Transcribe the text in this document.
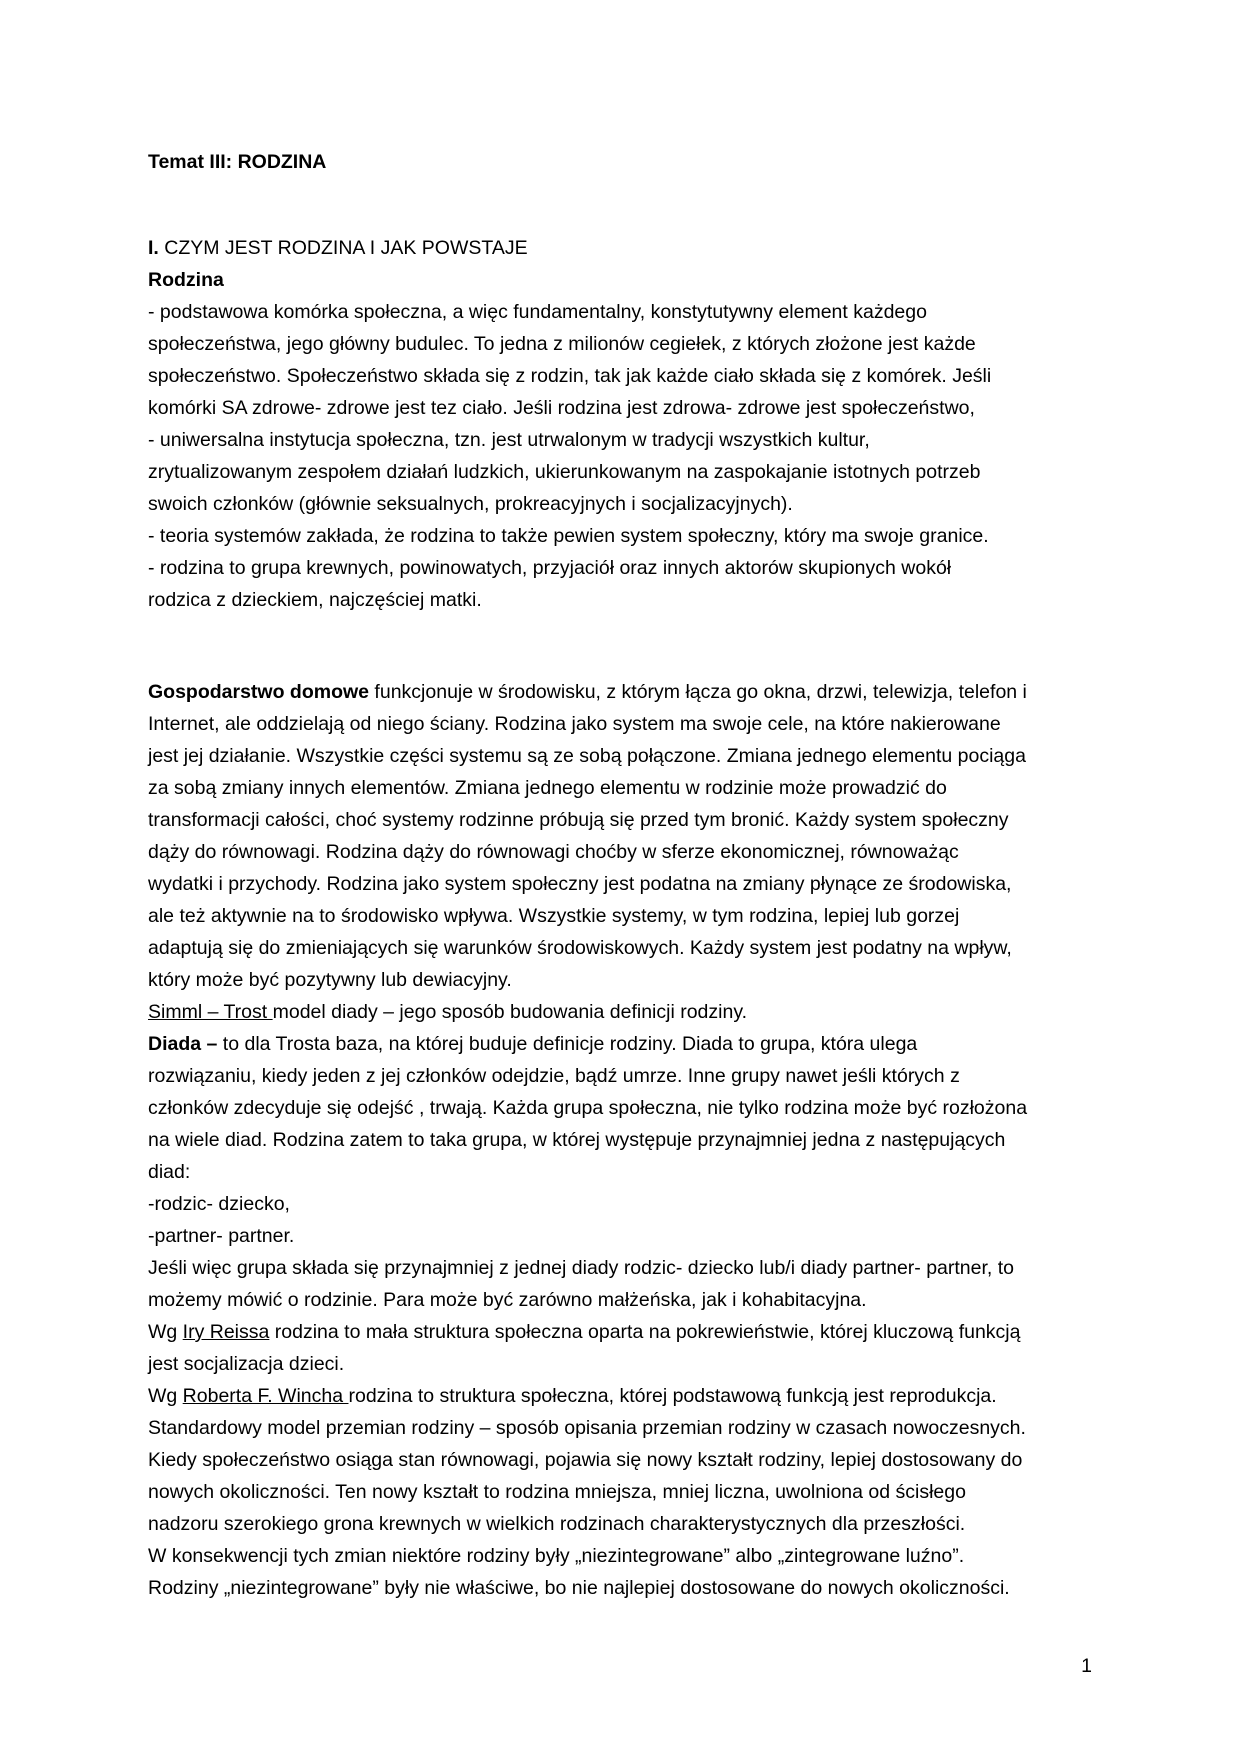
Temat III: RODZINA

I. CZYM JEST RODZINA I JAK POWSTAJE

Rodzina

- podstawowa komórka społeczna, a więc fundamentalny, konstytutywny element każdego

społeczeństwa, jego główny budulec. To jedna z milionów cegiełek, z których złożone jest każde

społeczeństwo. Społeczeństwo składa się z rodzin, tak jak każde ciało składa się z komórek. Jeśli

komórki SA zdrowe- zdrowe jest tez ciało. Jeśli rodzina jest zdrowa- zdrowe jest społeczeństwo,

- uniwersalna instytucja społeczna, tzn. jest utrwalonym w tradycji wszystkich kultur,

zrytualizowanym zespołem działań ludzkich, ukierunkowanym na zaspokajanie istotnych potrzeb

swoich członków (głównie seksualnych, prokreacyjnych i socjalizacyjnych).

- teoria systemów zakłada, że rodzina to także pewien system społeczny, który ma swoje granice.

- rodzina to grupa krewnych, powinowatych, przyjaciół oraz innych aktorów skupionych wokół

rodzica z dzieckiem, najczęściej matki.

Gospodarstwo domowe funkcjonuje w środowisku, z którym łącza go okna, drzwi, telewizja, telefon i

Internet, ale oddzielają od niego ściany. Rodzina jako system ma swoje cele, na które nakierowane

jest jej działanie. Wszystkie części systemu są ze sobą połączone. Zmiana jednego elementu pociąga

za sobą zmiany innych elementów. Zmiana jednego elementu w rodzinie może prowadzić do

transformacji całości, choć systemy rodzinne próbują się przed tym bronić. Każdy system społeczny

dąży do równowagi. Rodzina dąży do równowagi choćby w sferze ekonomicznej, równoważąc

wydatki i przychody. Rodzina jako system społeczny jest podatna na zmiany płynące ze środowiska,

ale też aktywnie na to środowisko wpływa. Wszystkie systemy, w tym rodzina, lepiej lub gorzej

adaptują się do zmieniających się warunków środowiskowych. Każdy system jest podatny na wpływ,

który może być pozytywny lub dewiacyjny.

Simml – Trost model diady – jego sposób budowania definicji rodziny.

Diada – to dla Trosta baza, na której buduje definicje rodziny. Diada to grupa, która ulega

rozwiązaniu, kiedy jeden z jej członków odejdzie, bądź umrze. Inne grupy nawet jeśli których z

członków zdecyduje się odejść , trwają. Każda grupa społeczna, nie tylko rodzina może być rozłożona

na wiele diad. Rodzina zatem to taka grupa, w której występuje przynajmniej jedna z następujących

diad:

-rodzic- dziecko,

-partner- partner.

Jeśli więc grupa składa się przynajmniej z jednej diady rodzic- dziecko lub/i diady partner- partner, to

możemy mówić o rodzinie. Para może być zarówno małżeńska, jak i kohabitacyjna.

Wg Iry Reissa rodzina to mała struktura społeczna oparta na pokrewieństwie, której kluczową funkcją

jest socjalizacja dzieci.

Wg Roberta F. Wincha rodzina to struktura społeczna, której podstawową funkcją jest reprodukcja.

Standardowy model przemian rodziny – sposób opisania przemian rodziny w czasach nowoczesnych.

Kiedy społeczeństwo osiąga stan równowagi, pojawia się nowy kształt rodziny, lepiej dostosowany do

nowych okoliczności. Ten nowy kształt to rodzina mniejsza, mniej liczna, uwolniona od ścisłego

nadzoru szerokiego grona krewnych w wielkich rodzinach charakterystycznych dla przeszłości.

W konsekwencji tych zmian niektóre rodziny były „niezintegrowane” albo „zintegrowane luźno”.

Rodziny „niezintegrowane” były nie właściwe, bo nie najlepiej dostosowane do nowych okoliczności.

1
